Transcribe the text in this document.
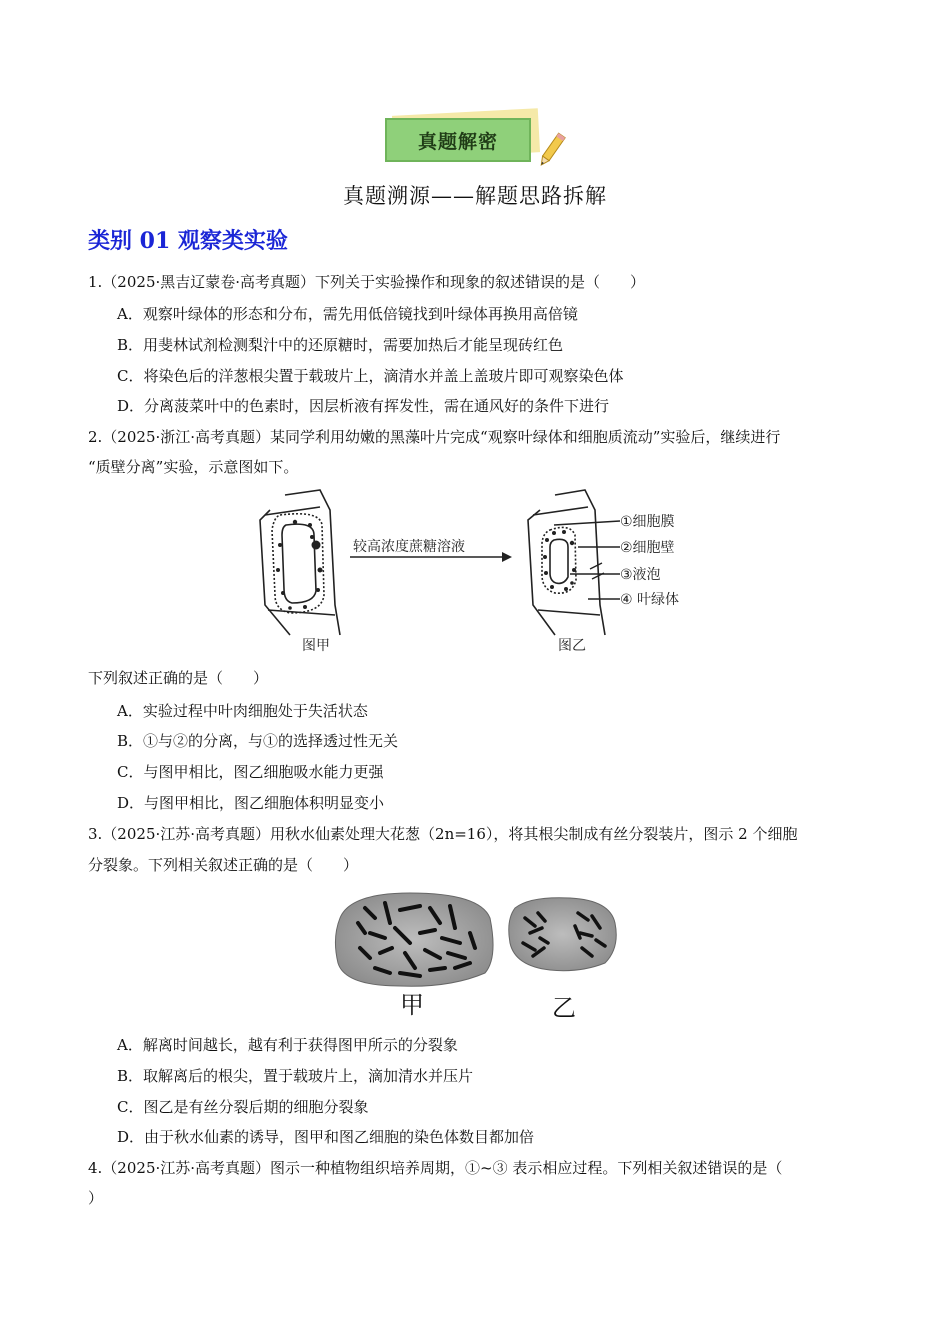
真题解密
真题溯源——解题思路拆解
类别 01 观察类实验
1.（2025·黑吉辽蒙卷·高考真题）下列关于实验操作和现象的叙述错误的是（　　）
A．观察叶绿体的形态和分布，需先用低倍镜找到叶绿体再换用高倍镜
B．用斐林试剂检测梨汁中的还原糖时，需要加热后才能呈现砖红色
C．将染色后的洋葱根尖置于载玻片上，滴清水并盖上盖玻片即可观察染色体
D．分离菠菜叶中的色素时，因层析液有挥发性，需在通风好的条件下进行
2.（2025·浙江·高考真题）某同学利用幼嫩的黑藻叶片完成“观察叶绿体和细胞质流动”实验后，继续进行
“质壁分离”实验，示意图如下。
较高浓度蔗糖溶液
①细胞膜
②细胞壁
③液泡
④ 叶绿体
图甲	图乙
下列叙述正确的是（　　）
A．实验过程中叶肉细胞处于失活状态
B．①与②的分离，与①的选择透过性无关
C．与图甲相比，图乙细胞吸水能力更强
D．与图甲相比，图乙细胞体积明显变小
3.（2025·江苏·高考真题）用秋水仙素处理大花葱（2n=16），将其根尖制成有丝分裂装片，图示 2 个细胞
分裂象。下列相关叙述正确的是（　　）
甲	乙
A．解离时间越长，越有利于获得图甲所示的分裂象
B．取解离后的根尖，置于载玻片上，滴加清水并压片
C．图乙是有丝分裂后期的细胞分裂象
D．由于秋水仙素的诱导，图甲和图乙细胞的染色体数目都加倍
4.（2025·江苏·高考真题）图示一种植物组织培养周期，①~③ 表示相应过程。下列相关叙述错误的是（
）
